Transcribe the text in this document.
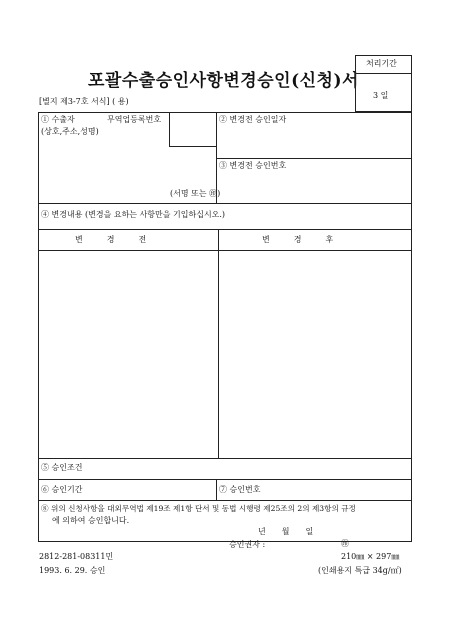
포괄수출승인사항변경승인(신청)서
처리기간
3 일
[별지 제3-7호 서식] ( 용)
① 수출자	무역업등록번호
(상호,주소,성명)
(서명 또는 ㊞)
② 변경전 승인일자
③ 변경전 승인번호
④ 변경내용 (변경을 요하는 사항만을 기입하십시오.)
변　　　경　　　전	변　　　경　　　후
⑤ 승인조건
⑥ 승인기간	⑦ 승인번호
⑧ 위의 신청사항을 대외무역법 제19조 제1항 단서 및 동법 시행령 제25조의 2의 제3항의 규정
에 의하여 승인합니다.
년　　월　　일
승인권자 :	㊞
2812-281-08311민
1993. 6. 29. 승인
210㎜ × 297㎜
(인쇄용지 특급 34g/㎡)
